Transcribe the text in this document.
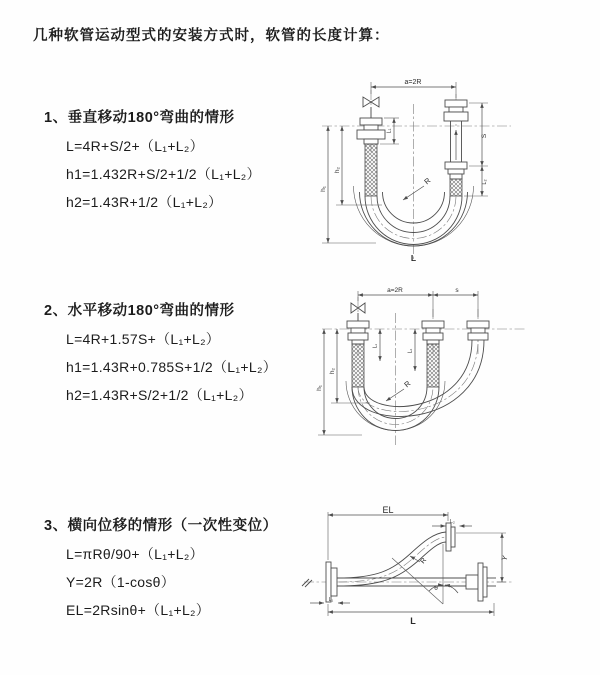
几种软管运动型式的安装方式时，软管的长度计算：
1、垂直移动180°弯曲的情形
L=4R+S/2+（L₁+L₂）
h1=1.432R+S/2+1/2（L₁+L₂）
h2=1.43R+1/2（L₁+L₂）
a=2R
h₁
h₂
L₁
S
L₂
R
L
2、水平移动180°弯曲的情形
L=4R+1.57S+（L₁+L₂）
h1=1.43R+0.785S+1/2（L₁+L₂）
h2=1.43R+S/2+1/2（L₁+L₂）
a=2R	s
h₁
h₂
L₁
L₂
R
3、横向位移的情形（一次性变位）
L=πRθ/90+（L₁+L₂）
Y=2R（1-cosθ）
EL=2Rsinθ+（L₁+L₂）
θ
R
EL
L₂
Y
L₁
L
